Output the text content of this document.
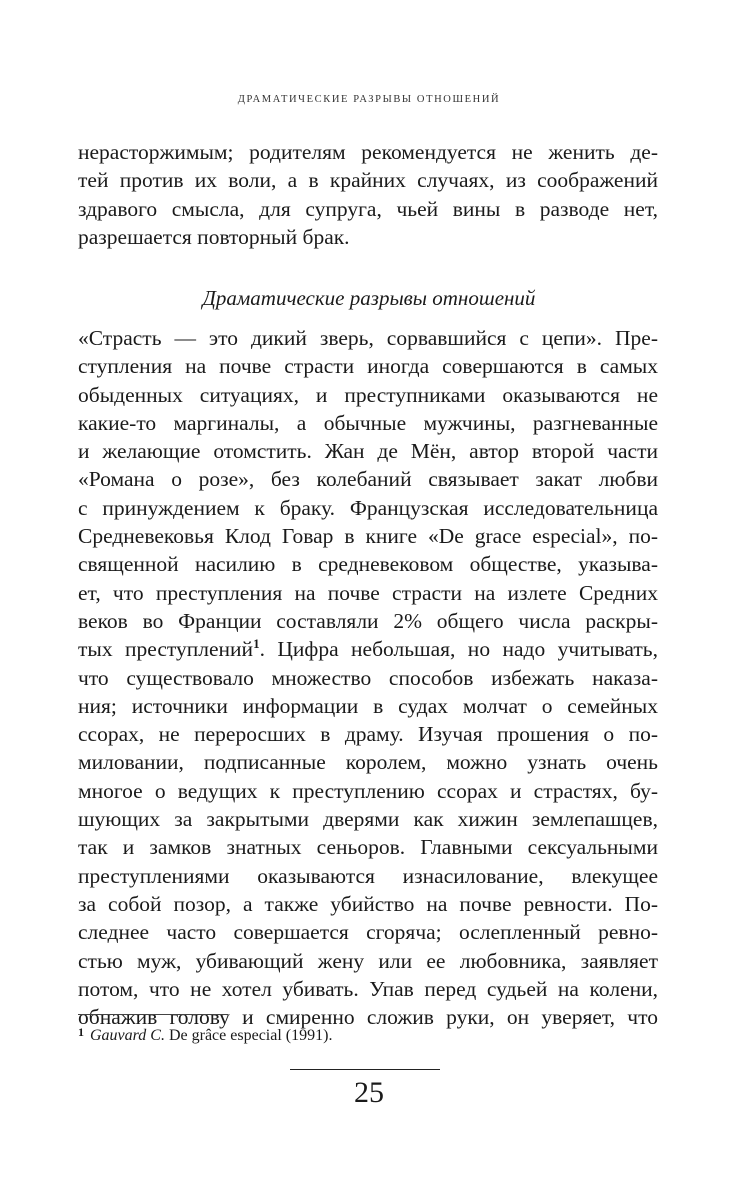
ДРАМАТИЧЕСКИЕ РАЗРЫВЫ ОТНОШЕНИЙ

нерасторжимым; родителям рекомендуется не женить де-
тей против их воли, а в крайних случаях, из соображений
здравого смысла, для супруга, чьей вины в разводе нет,
разрешается повторный брак.

Драматические разрывы отношений

«Страсть — это дикий зверь, сорвавшийся с цепи». Пре-
ступления на почве страсти иногда совершаются в самых
обыденных ситуациях, и преступниками оказываются не
какие-то маргиналы, а обычные мужчины, разгневанные
и желающие отомстить. Жан де Мён, автор второй части
«Романа о розе», без колебаний связывает закат любви
с принуждением к браку. Французская исследовательница
Средневековья Клод Говар в книге «De grace especial», по-
священной насилию в средневековом обществе, указыва-
ет, что преступления на почве страсти на излете Средних
веков во Франции составляли 2% общего числа раскры-
тых преступлений$^1$. Цифра небольшая, но надо учитывать,
что существовало множество способов избежать наказа-
ния; источники информации в судах молчат о семейных
ссорах, не переросших в драму. Изучая прошения о по-
миловании, подписанные королем, можно узнать очень
многое о ведущих к преступлению ссорах и страстях, бу-
шующих за закрытыми дверями как хижин землепашцев,
так и замков знатных сеньоров. Главными сексуальными
преступлениями оказываются изнасилование, влекущее
за собой позор, а также убийство на почве ревности. По-
следнее часто совершается сгоряча; ослепленный ревно-
стью муж, убивающий жену или ее любовника, заявляет
потом, что не хотел убивать. Упав перед судьей на колени,
обнажив голову и смиренно сложив руки, он уверяет, что

$^1$ Gauvard C. De grâce especial (1991).
25
